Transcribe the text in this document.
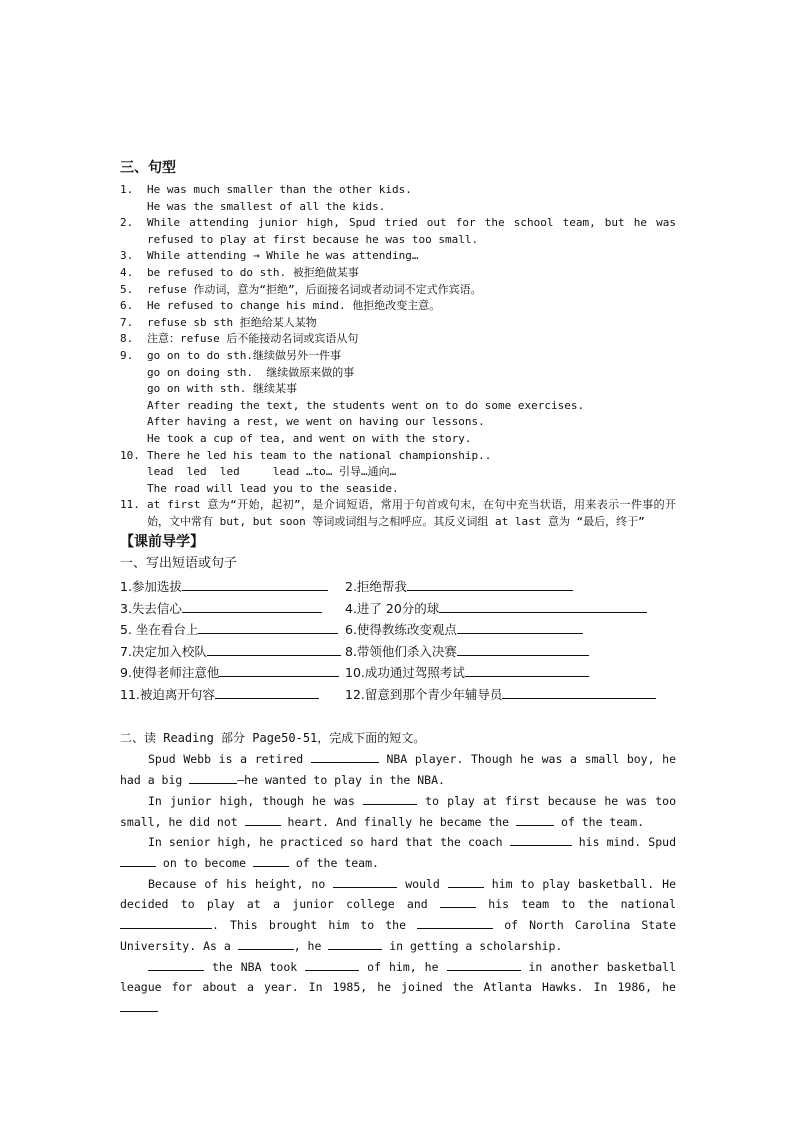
三、句型
1.	He was much smaller than the other kids.
He was the smallest of all the kids.
2.	While attending junior high, Spud tried out for the school team, but he was refused to play at first because he was too small.
3.	While attending → While he was attending…
4.	be refused to do sth. 被拒绝做某事
5.	refuse 作动词，意为“拒绝”，后面接名词或者动词不定式作宾语。
6.	He refused to change his mind. 他拒绝改变主意。
7.	refuse sb sth 拒绝给某人某物
8.	注意：refuse 后不能接动名词或宾语从句
9.	go on to do sth.继续做另外一件事
go on doing sth.  继续做原来做的事
go on with sth. 继续某事
After reading the text, the students went on to do some exercises.
After having a rest, we went on having our lessons.
He took a cup of tea, and went on with the story.
10. There he led his team to the national championship..
lead  led  led     lead …to… 引导…通向…
The road will lead you to the seaside.
11. at first 意为“开始，起初”，是介词短语，常用于句首或句末，在句中充当状语，用来表示一件事的开始，文中常有 but, but soon 等词或词组与之相呼应。其反义词组 at last 意为 “最后，终于”
【课前导学】
一、写出短语或句子
1.参加选拔	2.拒绝帮我
3.失去信心	4.进了 20分的球
5. 坐在看台上	6.使得教练改变观点
7.决定加入校队	8.带领他们杀入决赛
9.使得老师注意他	10.成功通过驾照考试
11.被迫离开句容	12.留意到那个青少年辅导员
二、读 Reading 部分 Page50-51，完成下面的短文。

Spud Webb is a retired	NBA player. Though he was a small boy, he had a big	—he wanted to play in the NBA.

In junior high, though he was	to play at first because he was too small, he did not	heart. And finally he became the	of the team.

In senior high, he practiced so hard that the coach	his mind. Spud  on to become	of the team.

Because of his height, no	would	him to play basketball. He decided to play at a junior college and	his team to the national . This brought him to the	of North Carolina State University. As a	, he	in getting a scholarship.

the NBA took	of him, he	in another basketball league for about a year. In 1985, he joined the Atlanta Hawks. In 1986, he
